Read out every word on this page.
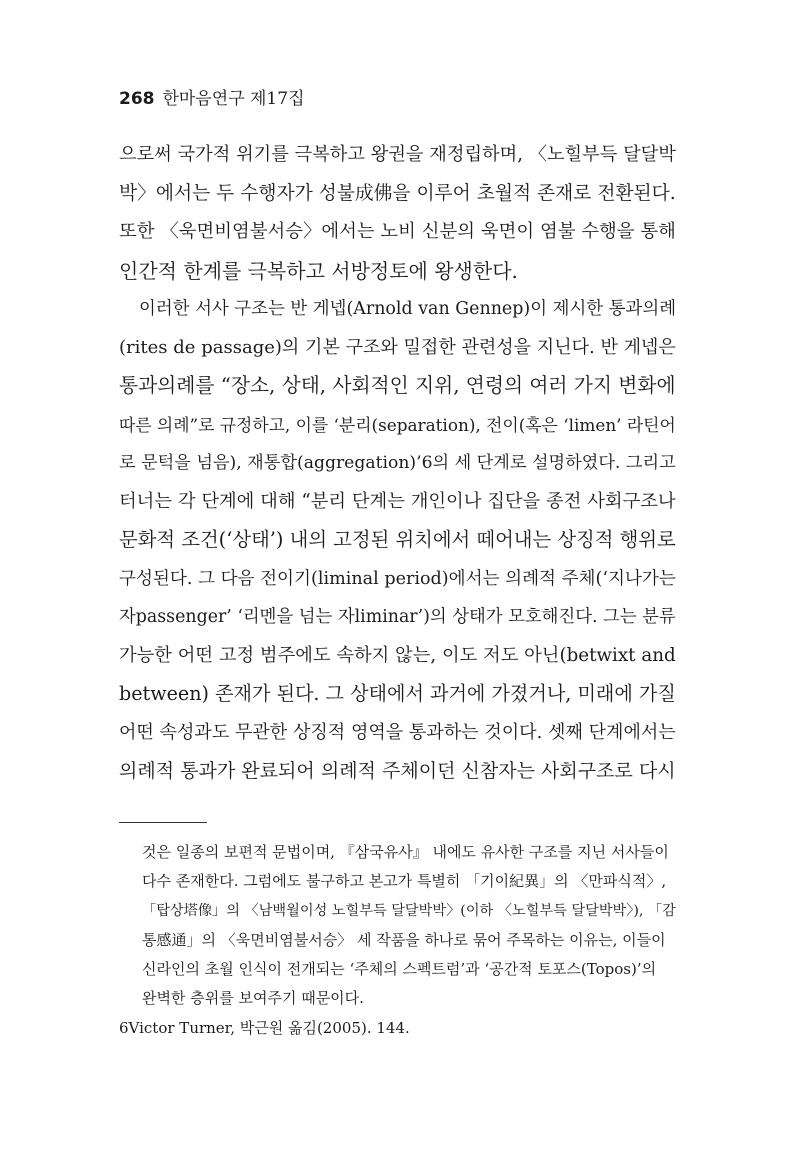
268 한마음연구 제17집
으로써 국가적 위기를 극복하고 왕권을 재정립하며, 〈노힐부득 달달박
박〉에서는 두 수행자가 성불成佛을 이루어 초월적 존재로 전환된다.
또한 〈욱면비염불서승〉에서는 노비 신분의 욱면이 염불 수행을 통해
인간적 한계를 극복하고 서방정토에 왕생한다.
이러한 서사 구조는 반 게넵(Arnold van Gennep)이 제시한 통과의례
(rites de passage)의 기본 구조와 밀접한 관련성을 지닌다. 반 게넵은
통과의례를 “장소, 상태, 사회적인 지위, 연령의 여러 가지 변화에
따른 의례”로 규정하고, 이를 ‘분리(separation), 전이(혹은 ‘limen’ 라틴어
로 문턱을 넘음), 재통합(aggregation)’6의 세 단계로 설명하였다. 그리고
터너는 각 단계에 대해 “분리 단계는 개인이나 집단을 종전 사회구조나
문화적 조건(‘상태’) 내의 고정된 위치에서 떼어내는 상징적 행위로
구성된다. 그 다음 전이기(liminal period)에서는 의례적 주체(‘지나가는
자passenger’ ‘리멘을 넘는 자liminar’)의 상태가 모호해진다. 그는 분류
가능한 어떤 고정 범주에도 속하지 않는, 이도 저도 아닌(betwixt and
between) 존재가 된다. 그 상태에서 과거에 가졌거나, 미래에 가질
어떤 속성과도 무관한 상징적 영역을 통과하는 것이다. 셋째 단계에서는
의례적 통과가 완료되어 의례적 주체이던 신참자는 사회구조로 다시
것은 일종의 보편적 문법이며, 『삼국유사』 내에도 유사한 구조를 지닌 서사들이
다수 존재한다. 그럼에도 불구하고 본고가 특별히 「기이紀異」의 〈만파식적〉,
「탑상塔像」의 〈남백월이성 노힐부득 달달박박〉(이하 〈노힐부득 달달박박〉), 「감
통感通」의 〈욱면비염불서승〉 세 작품을 하나로 묶어 주목하는 이유는, 이들이
신라인의 초월 인식이 전개되는 ‘주체의 스펙트럼’과 ‘공간적 토포스(Topos)’의
완벽한 층위를 보여주기 때문이다.
6Victor Turner, 박근원 옮김(2005). 144.
